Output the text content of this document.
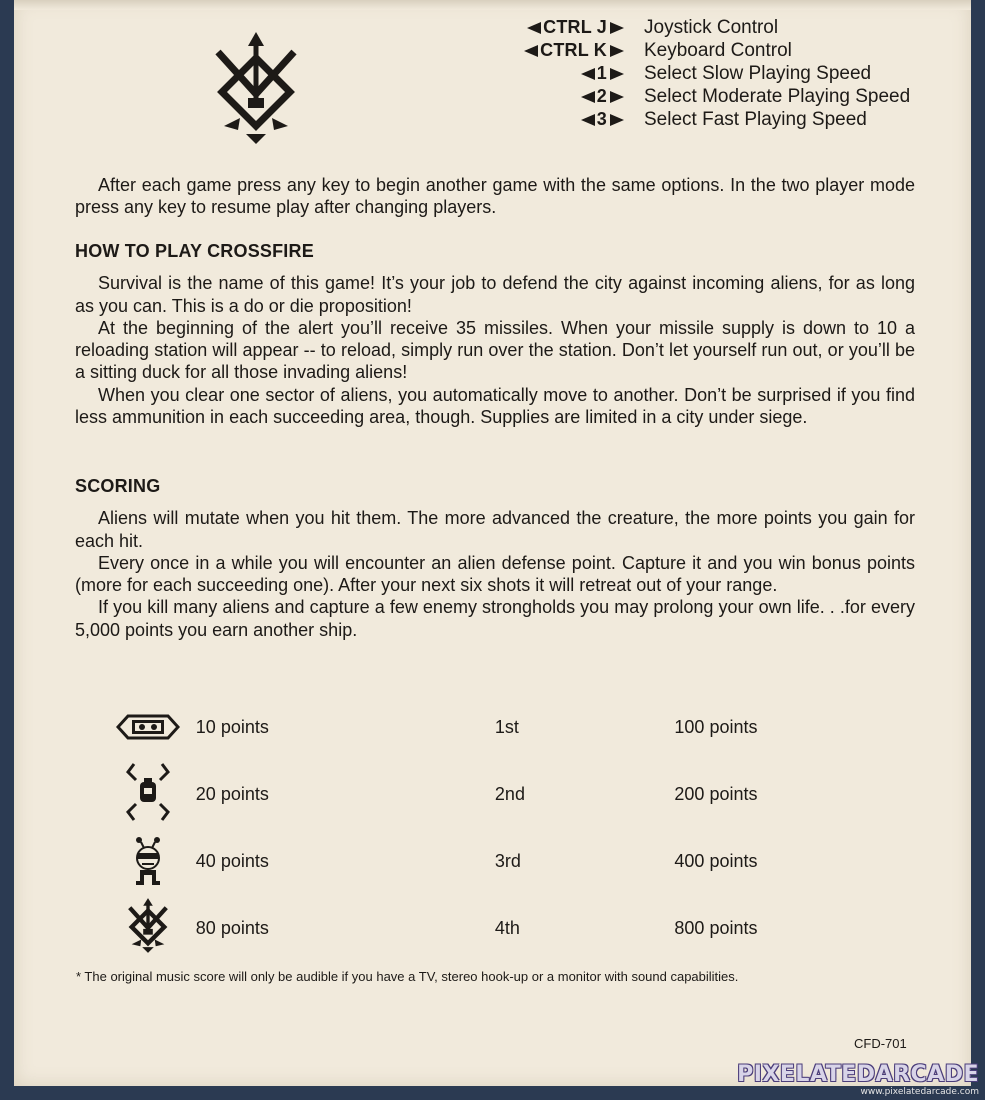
CTRL J Joystick Control
CTRL K Keyboard Control
1 Select Slow Playing Speed
2 Select Moderate Playing Speed
3 Select Fast Playing Speed

After each game press any key to begin another game with the same options. In the two player mode press any key to resume play after changing players.

HOW TO PLAY CROSSFIRE

Survival is the name of this game! It’s your job to defend the city against incoming aliens, for as long as you can. This is a do or die proposition!

At the beginning of the alert you’ll receive 35 missiles. When your missile supply is down to 10 a reloading station will appear -- to reload, simply run over the station. Don’t let yourself run out, or you’ll be a sitting duck for all those invading aliens!

When you clear one sector of aliens, you automatically move to another. Don’t be surprised if you find less ammunition in each succeeding area, though. Supplies are limited in a city under siege.

SCORING

Aliens will mutate when you hit them. The more advanced the creature, the more points you gain for each hit.

Every once in a while you will encounter an alien defense point. Capture it and you win bonus points (more for each succeeding one). After your next six shots it will retreat out of your range.

If you kill many aliens and capture a few enemy strongholds you may prolong your own life. . .for every 5,000 points you earn another ship.

10 points	1st	100 points
20 points	2nd	200 points
40 points	3rd	400 points
80 points	4th	800 points
* The original music score will only be audible if you have a TV, stereo hook-up or a monitor with sound capabilities.
CFD-701
PIXELATEDARCADE
www.pixelatedarcade.com
